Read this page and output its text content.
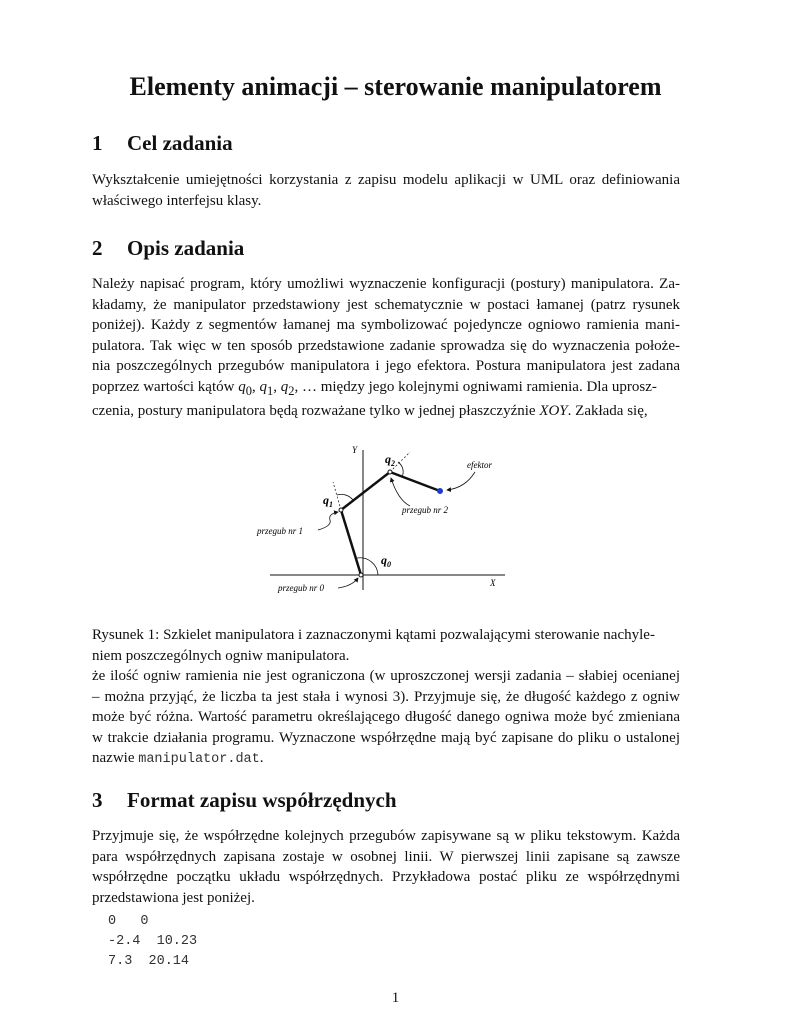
Elementy animacji – sterowanie manipulatorem
1 Cel zadania

Wykształcenie umiejętności korzystania z zapisu modelu aplikacji w UML oraz definiowania
właściwego interfejsu klasy.

2 Opis zadania

Należy napisać program, który umożliwi wyznaczenie konfiguracji (postury) manipulatora. Za-
kładamy, że manipulator przedstawiony jest schematycznie w postaci łamanej (patrz rysunek
poniżej). Każdy z segmentów łamanej ma symbolizować pojedyncze ogniowo ramienia mani-
pulatora. Tak więc w ten sposób przedstawione zadanie sprowadza się do wyznaczenia położe-
nia poszczególnych przegubów manipulatora i jego efektora. Postura manipulatora jest zadana
poprzez wartości kątów $q_0$, $q_1$, $q_2$, … między jego kolejnymi ogniwami ramienia. Dla uprosz-
czenia, postury manipulatora będą rozważane tylko w jednej płaszczyźnie XOY. Zakłada się,

X
Y
$q_0$
$q_1$
$q_2$	efektor
przegub nr 2
przegub nr 1
przegub nr 0

Rysunek 1: Szkielet manipulatora i zaznaczonymi kątami pozwalającymi sterowanie nachyle-
niem poszczególnych ogniw manipulatora.

że ilość ogniw ramienia nie jest ograniczona (w uproszczonej wersji zadania – słabiej ocenianej
– można przyjąć, że liczba ta jest stała i wynosi 3). Przyjmuje się, że długość każdego z ogniw
może być różna. Wartość parametru określającego długość danego ogniwa może być zmieniana
w trakcie działania programu. Wyznaczone współrzędne mają być zapisane do pliku o ustalonej
nazwie manipulator.dat.

3 Format zapisu współrzędnych

Przyjmuje się, że współrzędne kolejnych przegubów zapisywane są w pliku tekstowym. Każda
para współrzędnych zapisana zostaje w osobnej linii. W pierwszej linii zapisane są zawsze
współrzędne początku układu współrzędnych. Przykładowa postać pliku ze współrzędnymi
przedstawiona jest poniżej.

0   0
-2.4  10.23
7.3  20.14
1
